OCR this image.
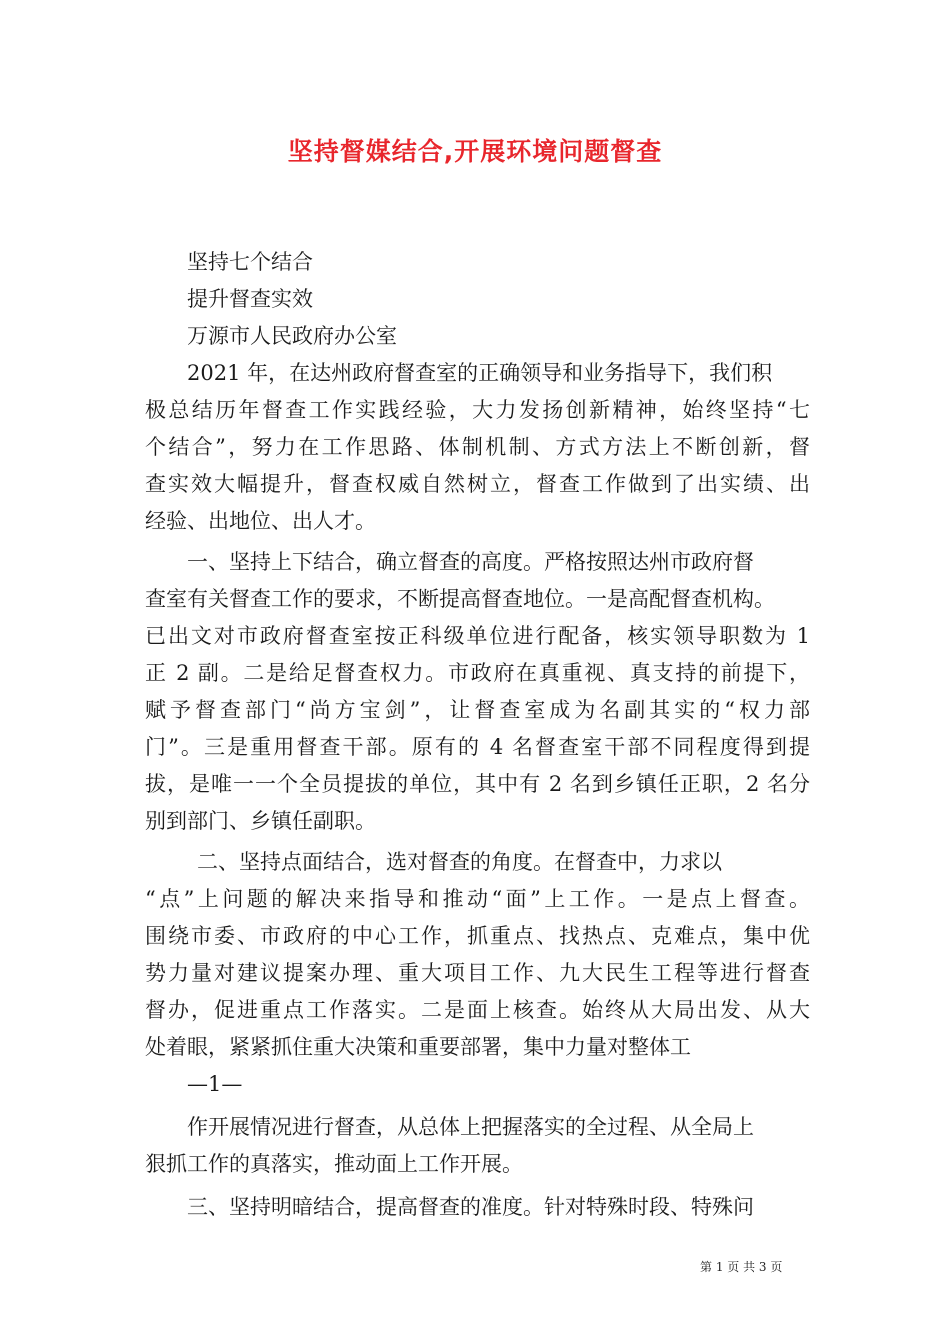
坚持督媒结合,开展环境问题督查
坚持七个结合
提升督查实效
万源市人民政府办公室
2021 年，在达州政府督查室的正确领导和业务指导下，我们积
极总结历年督查工作实践经验，大力发扬创新精神，始终坚持“七
个结合”，努力在工作思路、体制机制、方式方法上不断创新，督
查实效大幅提升，督查权威自然树立，督查工作做到了出实绩、出
经验、出地位、出人才。
一、坚持上下结合，确立督查的高度。严格按照达州市政府督
查室有关督查工作的要求，不断提高督查地位。一是高配督查机构。
已出文对市政府督查室按正科级单位进行配备，核实领导职数为 1
正 2 副。二是给足督查权力。市政府在真重视、真支持的前提下，
赋予督查部门“尚方宝剑”，让督查室成为名副其实的“权力部
门”。三是重用督查干部。原有的 4 名督查室干部不同程度得到提
拔，是唯一一个全员提拔的单位，其中有 2 名到乡镇任正职，2 名分
别到部门、乡镇任副职。
二、坚持点面结合，选对督查的角度。在督查中，力求以
“点”上问题的解决来指导和推动“面”上工作。一是点上督查。
围绕市委、市政府的中心工作，抓重点、找热点、克难点，集中优
势力量对建议提案办理、重大项目工作、九大民生工程等进行督查
督办，促进重点工作落实。二是面上核查。始终从大局出发、从大
处着眼，紧紧抓住重大决策和重要部署，集中力量对整体工
—1—
作开展情况进行督查，从总体上把握落实的全过程、从全局上
狠抓工作的真落实，推动面上工作开展。
三、坚持明暗结合，提高督查的准度。针对特殊时段、特殊问
第 1 页 共 3 页
